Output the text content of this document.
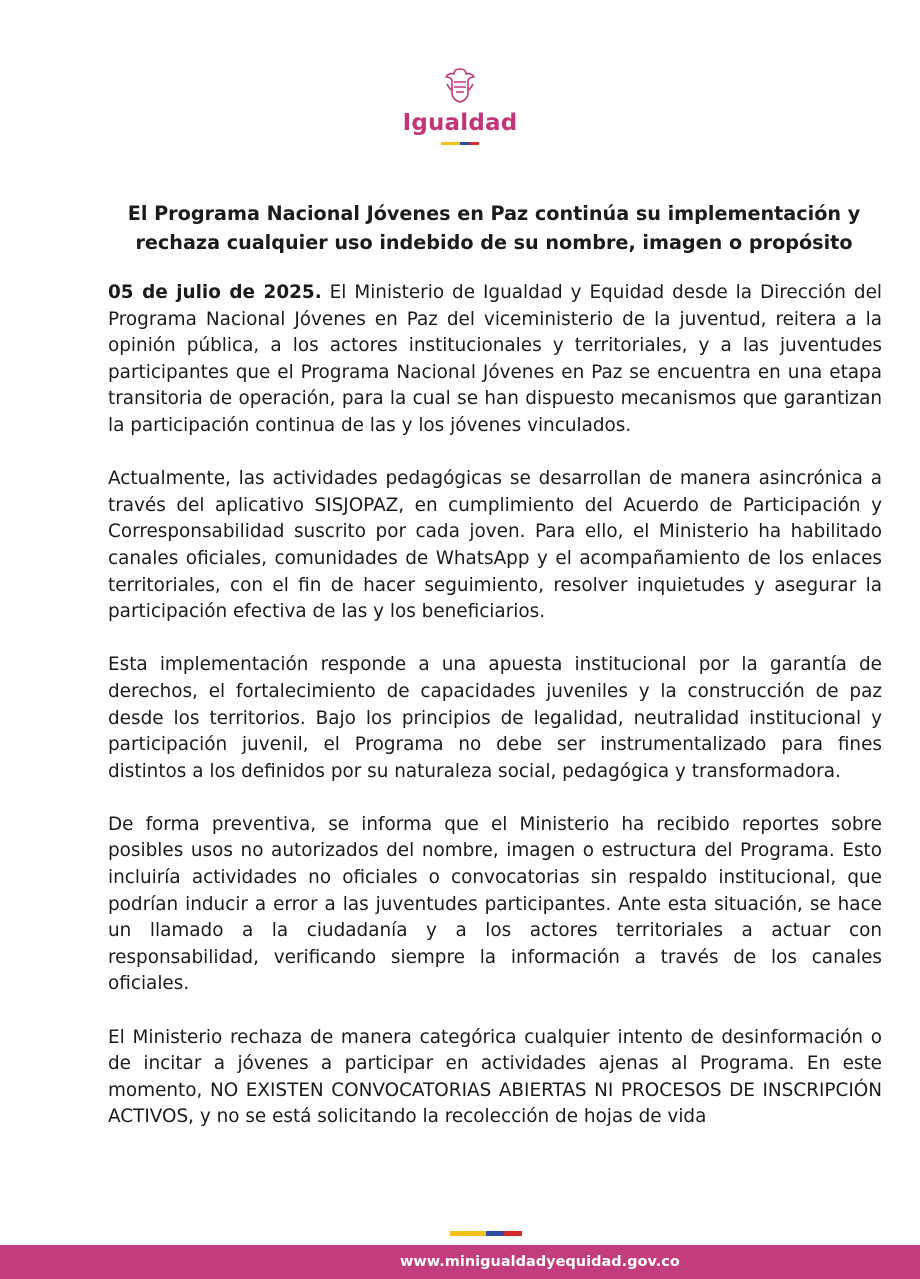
Igualdad
El Programa Nacional Jóvenes en Paz continúa su implementación y
rechaza cualquier uso indebido de su nombre, imagen o propósito

05 de julio de 2025. El Ministerio de Igualdad y Equidad desde la Dirección del Programa Nacional Jóvenes en Paz del viceministerio de la juventud, reitera a la opinión pública, a los actores institucionales y territoriales, y a las juventudes participantes que el Programa Nacional Jóvenes en Paz se encuentra en una etapa transitoria de operación, para la cual se han dispuesto mecanismos que garantizan la participación continua de las y los jóvenes vinculados.

Actualmente, las actividades pedagógicas se desarrollan de manera asincrónica a través del aplicativo SISJOPAZ, en cumplimiento del Acuerdo de Participación y Corresponsabilidad suscrito por cada joven. Para ello, el Ministerio ha habilitado canales oficiales, comunidades de WhatsApp y el acompañamiento de los enlaces territoriales, con el fin de hacer seguimiento, resolver inquietudes y asegurar la participación efectiva de las y los beneficiarios.

Esta implementación responde a una apuesta institucional por la garantía de derechos, el fortalecimiento de capacidades juveniles y la construcción de paz desde los territorios. Bajo los principios de legalidad, neutralidad institucional y participación juvenil, el Programa no debe ser instrumentalizado para fines distintos a los definidos por su naturaleza social, pedagógica y transformadora.

De forma preventiva, se informa que el Ministerio ha recibido reportes sobre posibles usos no autorizados del nombre, imagen o estructura del Programa. Esto incluiría actividades no oficiales o convocatorias sin respaldo institucional, que podrían inducir a error a las juventudes participantes. Ante esta situación, se hace un llamado a la ciudadanía y a los actores territoriales a actuar con responsabilidad, verificando siempre la información a través de los canales oficiales.

El Ministerio rechaza de manera categórica cualquier intento de desinformación o de incitar a jóvenes a participar en actividades ajenas al Programa. En este momento, NO EXISTEN CONVOCATORIAS ABIERTAS NI PROCESOS DE INSCRIPCIÓN ACTIVOS, y no se está solicitando la recolección de hojas de vida

www.minigualdadyequidad.gov.co
